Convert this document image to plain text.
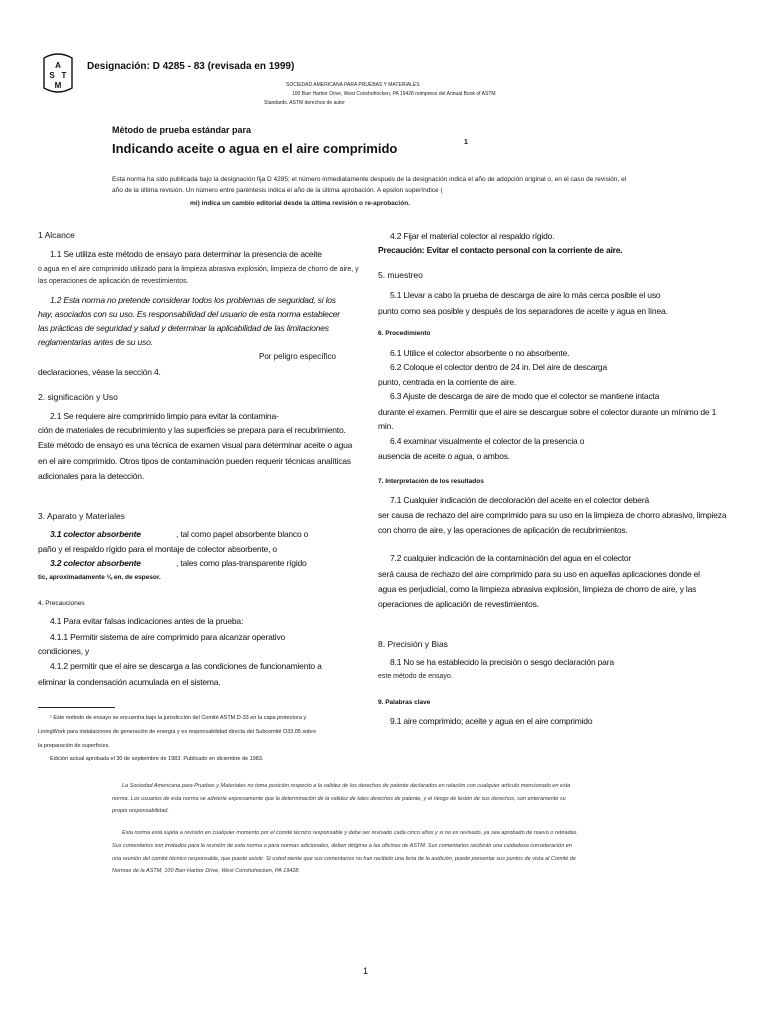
A
S T
M
Designación: D 4285 - 83 (revisada en 1999)
SOCIEDAD AMERICANA PARA PRUEBAS Y MATERIALES
100 Barr Harbor Drive, West Conshohocken, PA 19428 reimpreso del Annual Book of ASTM
Standards. ASTM derechos de autor
Método de prueba estándar para
Indicando aceite o agua en el aire comprimido	1
Esta norma ha sido publicada bajo la designación fija D 4285; el número inmediatamente después de la designación indica el año de adopción original o, en el caso de revisión, el
año de la última revisión. Un número entre paréntesis indica el año de la última aprobación. A epsilon superíndice (
mi) indica un cambio editorial desde la última revisión o re-aprobación.
1 Alcance
1.1 Se utiliza este método de ensayo para determinar la presencia de aceite
o agua en el aire comprimido utilizado para la limpieza abrasiva explosión, limpieza de chorro de aire, y
las operaciones de aplicación de revestimientos.
1.2 Esta norma no pretende considerar todos los problemas de seguridad, si los
hay, asociados con su uso. Es responsabilidad del usuario de esta norma establecer
las prácticas de seguridad y salud y determinar la aplicabilidad de las limitaciones
reglamentarias antes de su uso.
Por peligro específico
declaraciones, véase la sección 4.
2. significación y Uso
2.1 Se requiere aire comprimido limpio para evitar la contamina-
ción de materiales de recubrimiento y las superficies se prepara para el recubrimiento.
Este método de ensayo es una técnica de examen visual para determinar aceite o agua
en el aire comprimido. Otros tipos de contaminación pueden requerir técnicas analíticas
adicionales para la detección.
3. Aparato y Materiales
3.1 colector absorbente	, tal como papel absorbente blanco o
paño y el respaldo rígido para el montaje de colector absorbente, o
3.2 colector absorbente	, tales como plas-transparente rígido
tic, aproximadamente ⅛ en. de espesor.
4. Precauciones
4.1 Para evitar falsas indicaciones antes de la prueba:
4.1.1 Permitir sistema de aire comprimido para alcanzar operativo
condiciones, y
4.1.2 permitir que el aire se descarga a las condiciones de funcionamiento a
eliminar la condensación acumulada en el sistema.
¹ Este método de ensayo se encuentra bajo la jurisdicción del Comité ASTM D-33 en la capa protectora y
LiningWork para instalaciones de generación de energía y es responsabilidad directa del Subcomité D33.05 sobre
la preparación de superficies.
Edición actual aprobada el 30 de septiembre de 1983. Publicado en diciembre de 1983.
4.2 Fijar el material colector al respaldo rígido.
Precaución: Evitar el contacto personal con la corriente de aire.
5. muestreo
5.1 Llevar a cabo la prueba de descarga de aire lo más cerca posible el uso
punto como sea posible y después de los separadores de aceite y agua en línea.
6. Procedimiento
6.1 Utilice el colector absorbente o no absorbente.
6.2 Coloque el colector dentro de 24 in. Del aire de descarga
punto, centrada en la corriente de aire.
6.3 Ajuste de descarga de aire de modo que el colector se mantiene intacta
durante el examen. Permitir que el aire se descargue sobre el colector durante un mínimo de 1
min.
6.4 examinar visualmente el colector de la presencia o
ausencia de aceite o agua, o ambos.
7. Interpretación de los resultados
7.1 Cualquier indicación de decoloración del aceite en el colector deberá
ser causa de rechazo del aire comprimido para su uso en la limpieza de chorro abrasivo, limpieza
con chorro de aire, y las operaciones de aplicación de recubrimientos.
7.2 cualquier indicación de la contaminación del agua en el colector
será causa de rechazo del aire comprimido para su uso en aquellas aplicaciones donde el
agua es perjudicial, como la limpieza abrasiva explosión, limpieza de chorro de aire, y las
operaciones de aplicación de revestimientos.
8. Precisión y Bias
8.1 No se ha establecido la precisión o sesgo declaración para
este método de ensayo.
9. Palabras clave
9.1 aire comprimido; aceite y agua en el aire comprimido
La Sociedad Americana para Pruebas y Materiales no toma posición respecto a la validez de los derechos de patente declarados en relación con cualquier artículo mencionado en esta
norma. Los usuarios de esta norma se advierte expresamente que la determinación de la validez de tales derechos de patente, y el riesgo de lesión de sus derechos, son enteramente su
propia responsabilidad.
Esta norma está sujeta a revisión en cualquier momento por el comité técnico responsable y debe ser revisado cada cinco años y si no es revisado, ya sea aprobado de nuevo o retiradas.
Sus comentarios son invitados para la revisión de esta norma o para normas adicionales, deben dirigirse a las oficinas de ASTM. Sus comentarios recibirán una cuidadosa consideración en
una reunión del comité técnico responsable, que puede asistir. Si usted siente que sus comentarios no han recibido una feria de la audición, puede presentar sus puntos de vista al Comité de
Normas de la ASTM, 100 Barr Harbor Drive, West Conshohocken, PA 19428.
1
